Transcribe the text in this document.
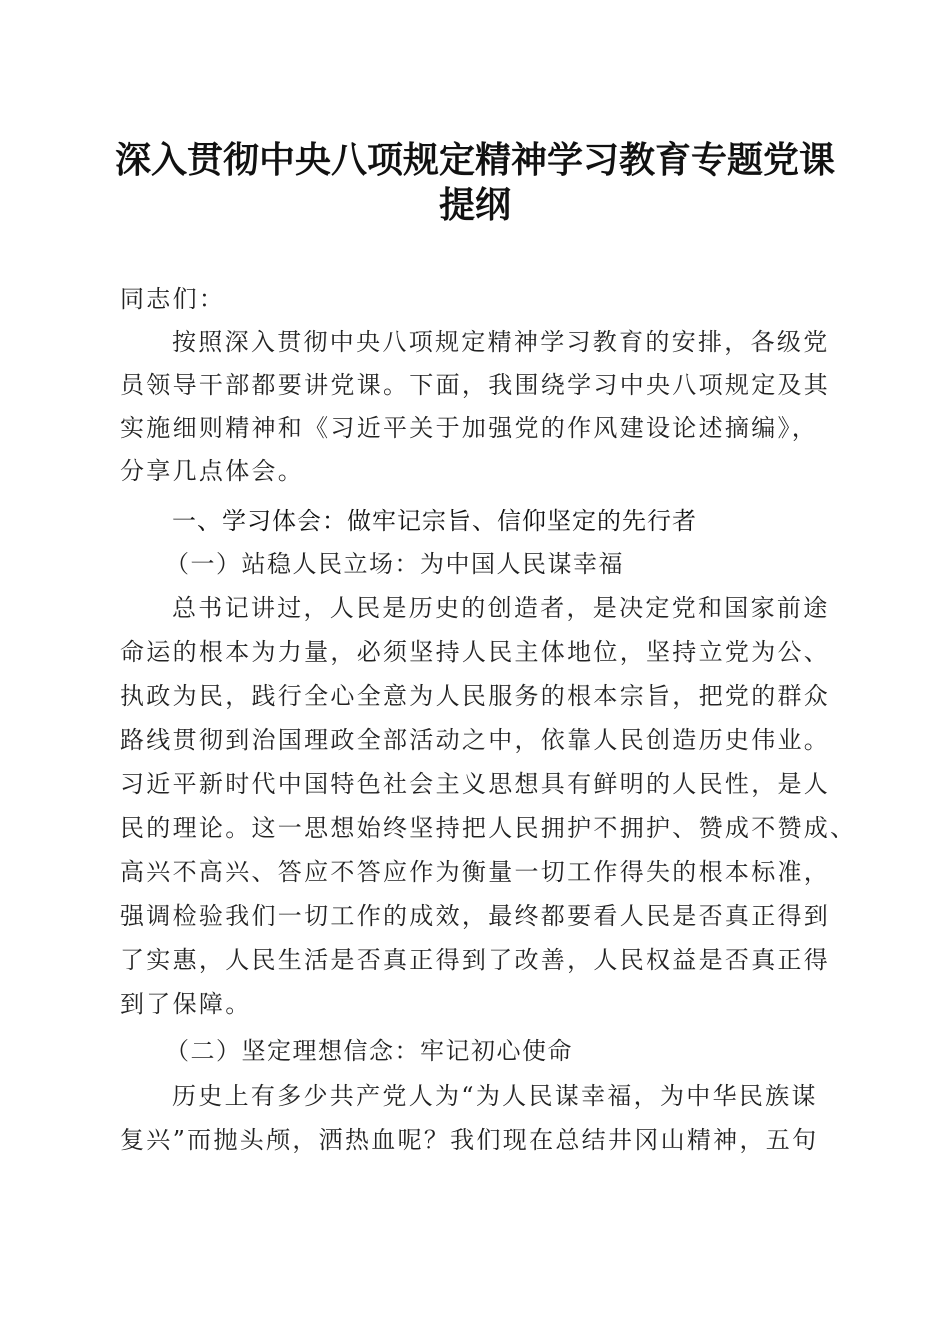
深入贯彻中央八项规定精神学习教育专题党课
提纲
同志们：
按照深入贯彻中央八项规定精神学习教育的安排，各级党
员领导干部都要讲党课。下面，我围绕学习中央八项规定及其
实施细则精神和《习近平关于加强党的作风建设论述摘编》，
分享几点体会。
一、学习体会：做牢记宗旨、信仰坚定的先行者
（一）站稳人民立场：为中国人民谋幸福
总书记讲过，人民是历史的创造者，是决定党和国家前途
命运的根本为力量，必须坚持人民主体地位，坚持立党为公、
执政为民，践行全心全意为人民服务的根本宗旨，把党的群众
路线贯彻到治国理政全部活动之中，依靠人民创造历史伟业。
习近平新时代中国特色社会主义思想具有鲜明的人民性，是人
民的理论。这一思想始终坚持把人民拥护不拥护、赞成不赞成、
高兴不高兴、答应不答应作为衡量一切工作得失的根本标准，
强调检验我们一切工作的成效，最终都要看人民是否真正得到
了实惠，人民生活是否真正得到了改善，人民权益是否真正得
到了保障。
（二）坚定理想信念：牢记初心使命
历史上有多少共产党人为“为人民谋幸福，为中华民族谋
复兴”而抛头颅，洒热血呢？我们现在总结井冈山精神，五句
